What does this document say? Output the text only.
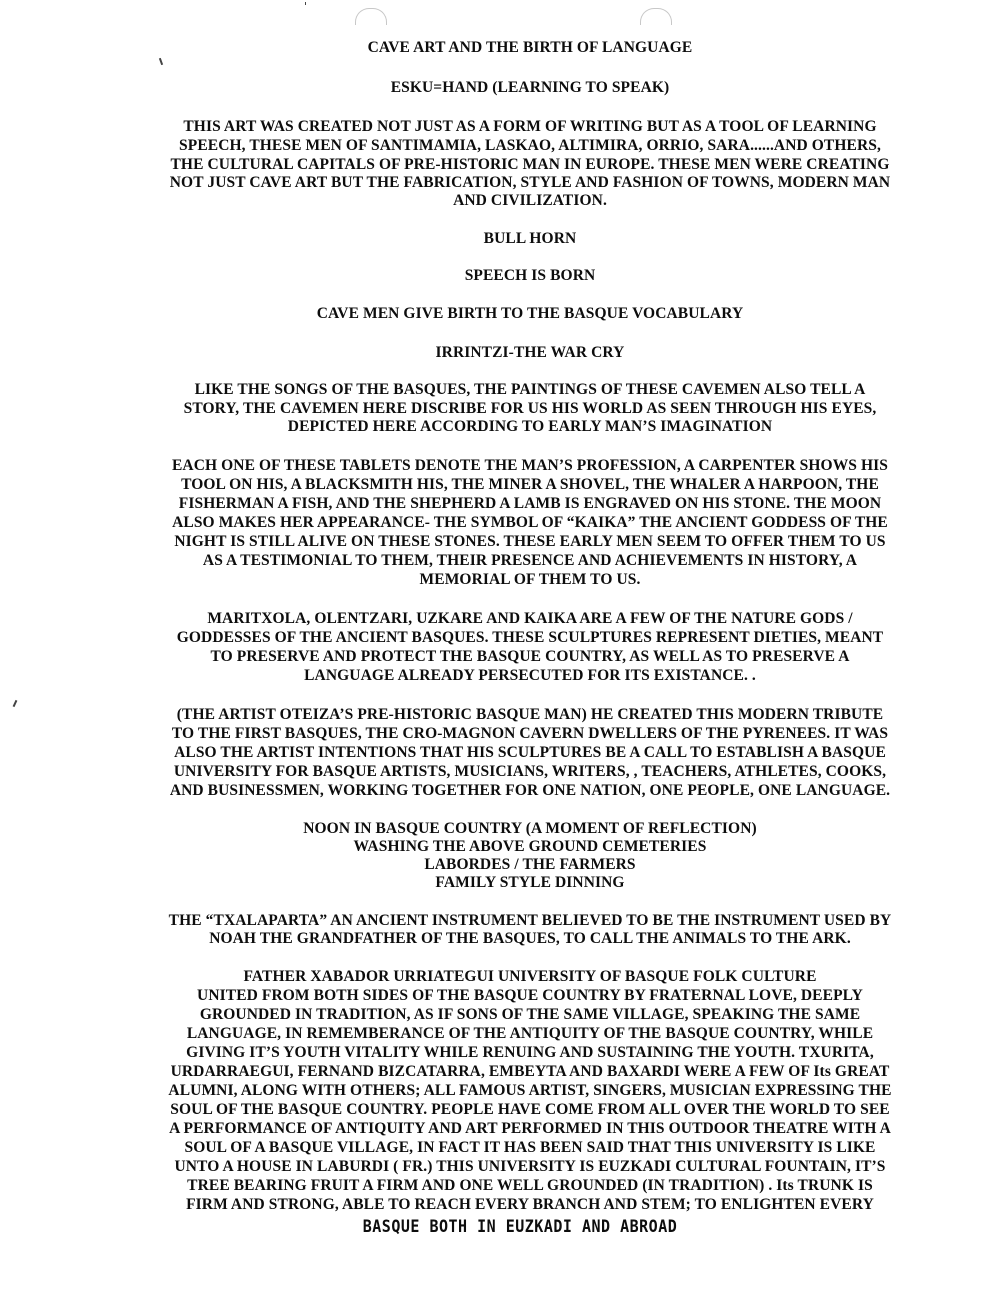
CAVE ART AND THE BIRTH OF LANGUAGE
ESKU=HAND (LEARNING TO SPEAK)
THIS ART WAS CREATED NOT JUST AS A FORM OF WRITING BUT AS A TOOL OF LEARNING
SPEECH, THESE MEN OF SANTIMAMIA, LASKAO, ALTIMIRA, ORRIO, SARA......AND OTHERS,
THE CULTURAL CAPITALS OF PRE-HISTORIC MAN IN EUROPE. THESE MEN WERE CREATING
NOT JUST CAVE ART BUT THE FABRICATION, STYLE AND FASHION OF TOWNS, MODERN MAN
AND CIVILIZATION.
BULL HORN
SPEECH IS BORN
CAVE MEN GIVE BIRTH TO THE BASQUE VOCABULARY
IRRINTZI-THE WAR CRY
LIKE THE SONGS OF THE BASQUES, THE PAINTINGS OF THESE CAVEMEN ALSO TELL A
STORY, THE CAVEMEN HERE DISCRIBE FOR US HIS WORLD AS SEEN THROUGH HIS EYES,
DEPICTED HERE ACCORDING TO EARLY MAN’S IMAGINATION
EACH ONE OF THESE TABLETS DENOTE THE MAN’S PROFESSION, A CARPENTER SHOWS HIS
TOOL ON HIS, A BLACKSMITH HIS, THE MINER A SHOVEL, THE WHALER A HARPOON, THE
FISHERMAN A FISH, AND THE SHEPHERD A LAMB IS ENGRAVED ON HIS STONE. THE MOON
ALSO MAKES HER APPEARANCE- THE SYMBOL OF “KAIKA” THE ANCIENT GODDESS OF THE
NIGHT IS STILL ALIVE ON THESE STONES. THESE EARLY MEN SEEM TO OFFER THEM TO US
AS A TESTIMONIAL TO THEM, THEIR PRESENCE AND ACHIEVEMENTS IN HISTORY, A
MEMORIAL OF THEM TO US.
MARITXOLA, OLENTZARI, UZKARE AND KAIKA ARE A FEW OF THE NATURE GODS /
GODDESSES OF THE ANCIENT BASQUES. THESE SCULPTURES REPRESENT DIETIES, MEANT
TO PRESERVE AND PROTECT THE BASQUE COUNTRY, AS WELL AS TO PRESERVE A
LANGUAGE ALREADY PERSECUTED FOR ITS EXISTANCE. .
(THE ARTIST OTEIZA’S PRE-HISTORIC BASQUE MAN) HE CREATED THIS MODERN TRIBUTE
TO THE FIRST BASQUES, THE CRO-MAGNON CAVERN DWELLERS OF THE PYRENEES. IT WAS
ALSO THE ARTIST INTENTIONS THAT HIS SCULPTURES BE A CALL TO ESTABLISH A BASQUE
UNIVERSITY FOR BASQUE ARTISTS, MUSICIANS, WRITERS, , TEACHERS, ATHLETES, COOKS,
AND BUSINESSMEN, WORKING TOGETHER FOR ONE NATION, ONE PEOPLE, ONE LANGUAGE.
NOON IN BASQUE COUNTRY (A MOMENT OF REFLECTION)
WASHING THE ABOVE GROUND CEMETERIES
LABORDES / THE FARMERS
FAMILY STYLE DINNING
THE “TXALAPARTA” AN ANCIENT INSTRUMENT BELIEVED TO BE THE INSTRUMENT USED BY
NOAH THE GRANDFATHER OF THE BASQUES, TO CALL THE ANIMALS TO THE ARK.
FATHER XABADOR URRIATEGUI UNIVERSITY OF BASQUE FOLK CULTURE
UNITED FROM BOTH SIDES OF THE BASQUE COUNTRY BY FRATERNAL LOVE, DEEPLY
GROUNDED IN TRADITION, AS IF SONS OF THE SAME VILLAGE, SPEAKING THE SAME
LANGUAGE, IN REMEMBERANCE OF THE ANTIQUITY OF THE BASQUE COUNTRY, WHILE
GIVING IT’S YOUTH VITALITY WHILE RENUING AND SUSTAINING THE YOUTH. TXURITA,
URDARRAEGUI, FERNAND BIZCATARRA, EMBEYTA AND BAXARDI WERE A FEW OF Its GREAT
ALUMNI, ALONG WITH OTHERS; ALL FAMOUS ARTIST, SINGERS, MUSICIAN EXPRESSING THE
SOUL OF THE BASQUE COUNTRY. PEOPLE HAVE COME FROM ALL OVER THE WORLD TO SEE
A PERFORMANCE OF ANTIQUITY AND ART PERFORMED IN THIS OUTDOOR THEATRE WITH A
SOUL OF A BASQUE VILLAGE, IN FACT IT HAS BEEN SAID THAT THIS UNIVERSITY IS LIKE
UNTO A HOUSE IN LABURDI ( FR.) THIS UNIVERSITY IS EUZKADI CULTURAL FOUNTAIN, IT’S
TREE BEARING FRUIT A FIRM AND ONE WELL GROUNDED (IN TRADITION) . Its TRUNK IS
FIRM AND STRONG, ABLE TO REACH EVERY BRANCH AND STEM; TO ENLIGHTEN EVERY
BASQUE BOTH IN EUZKADI AND ABROAD
